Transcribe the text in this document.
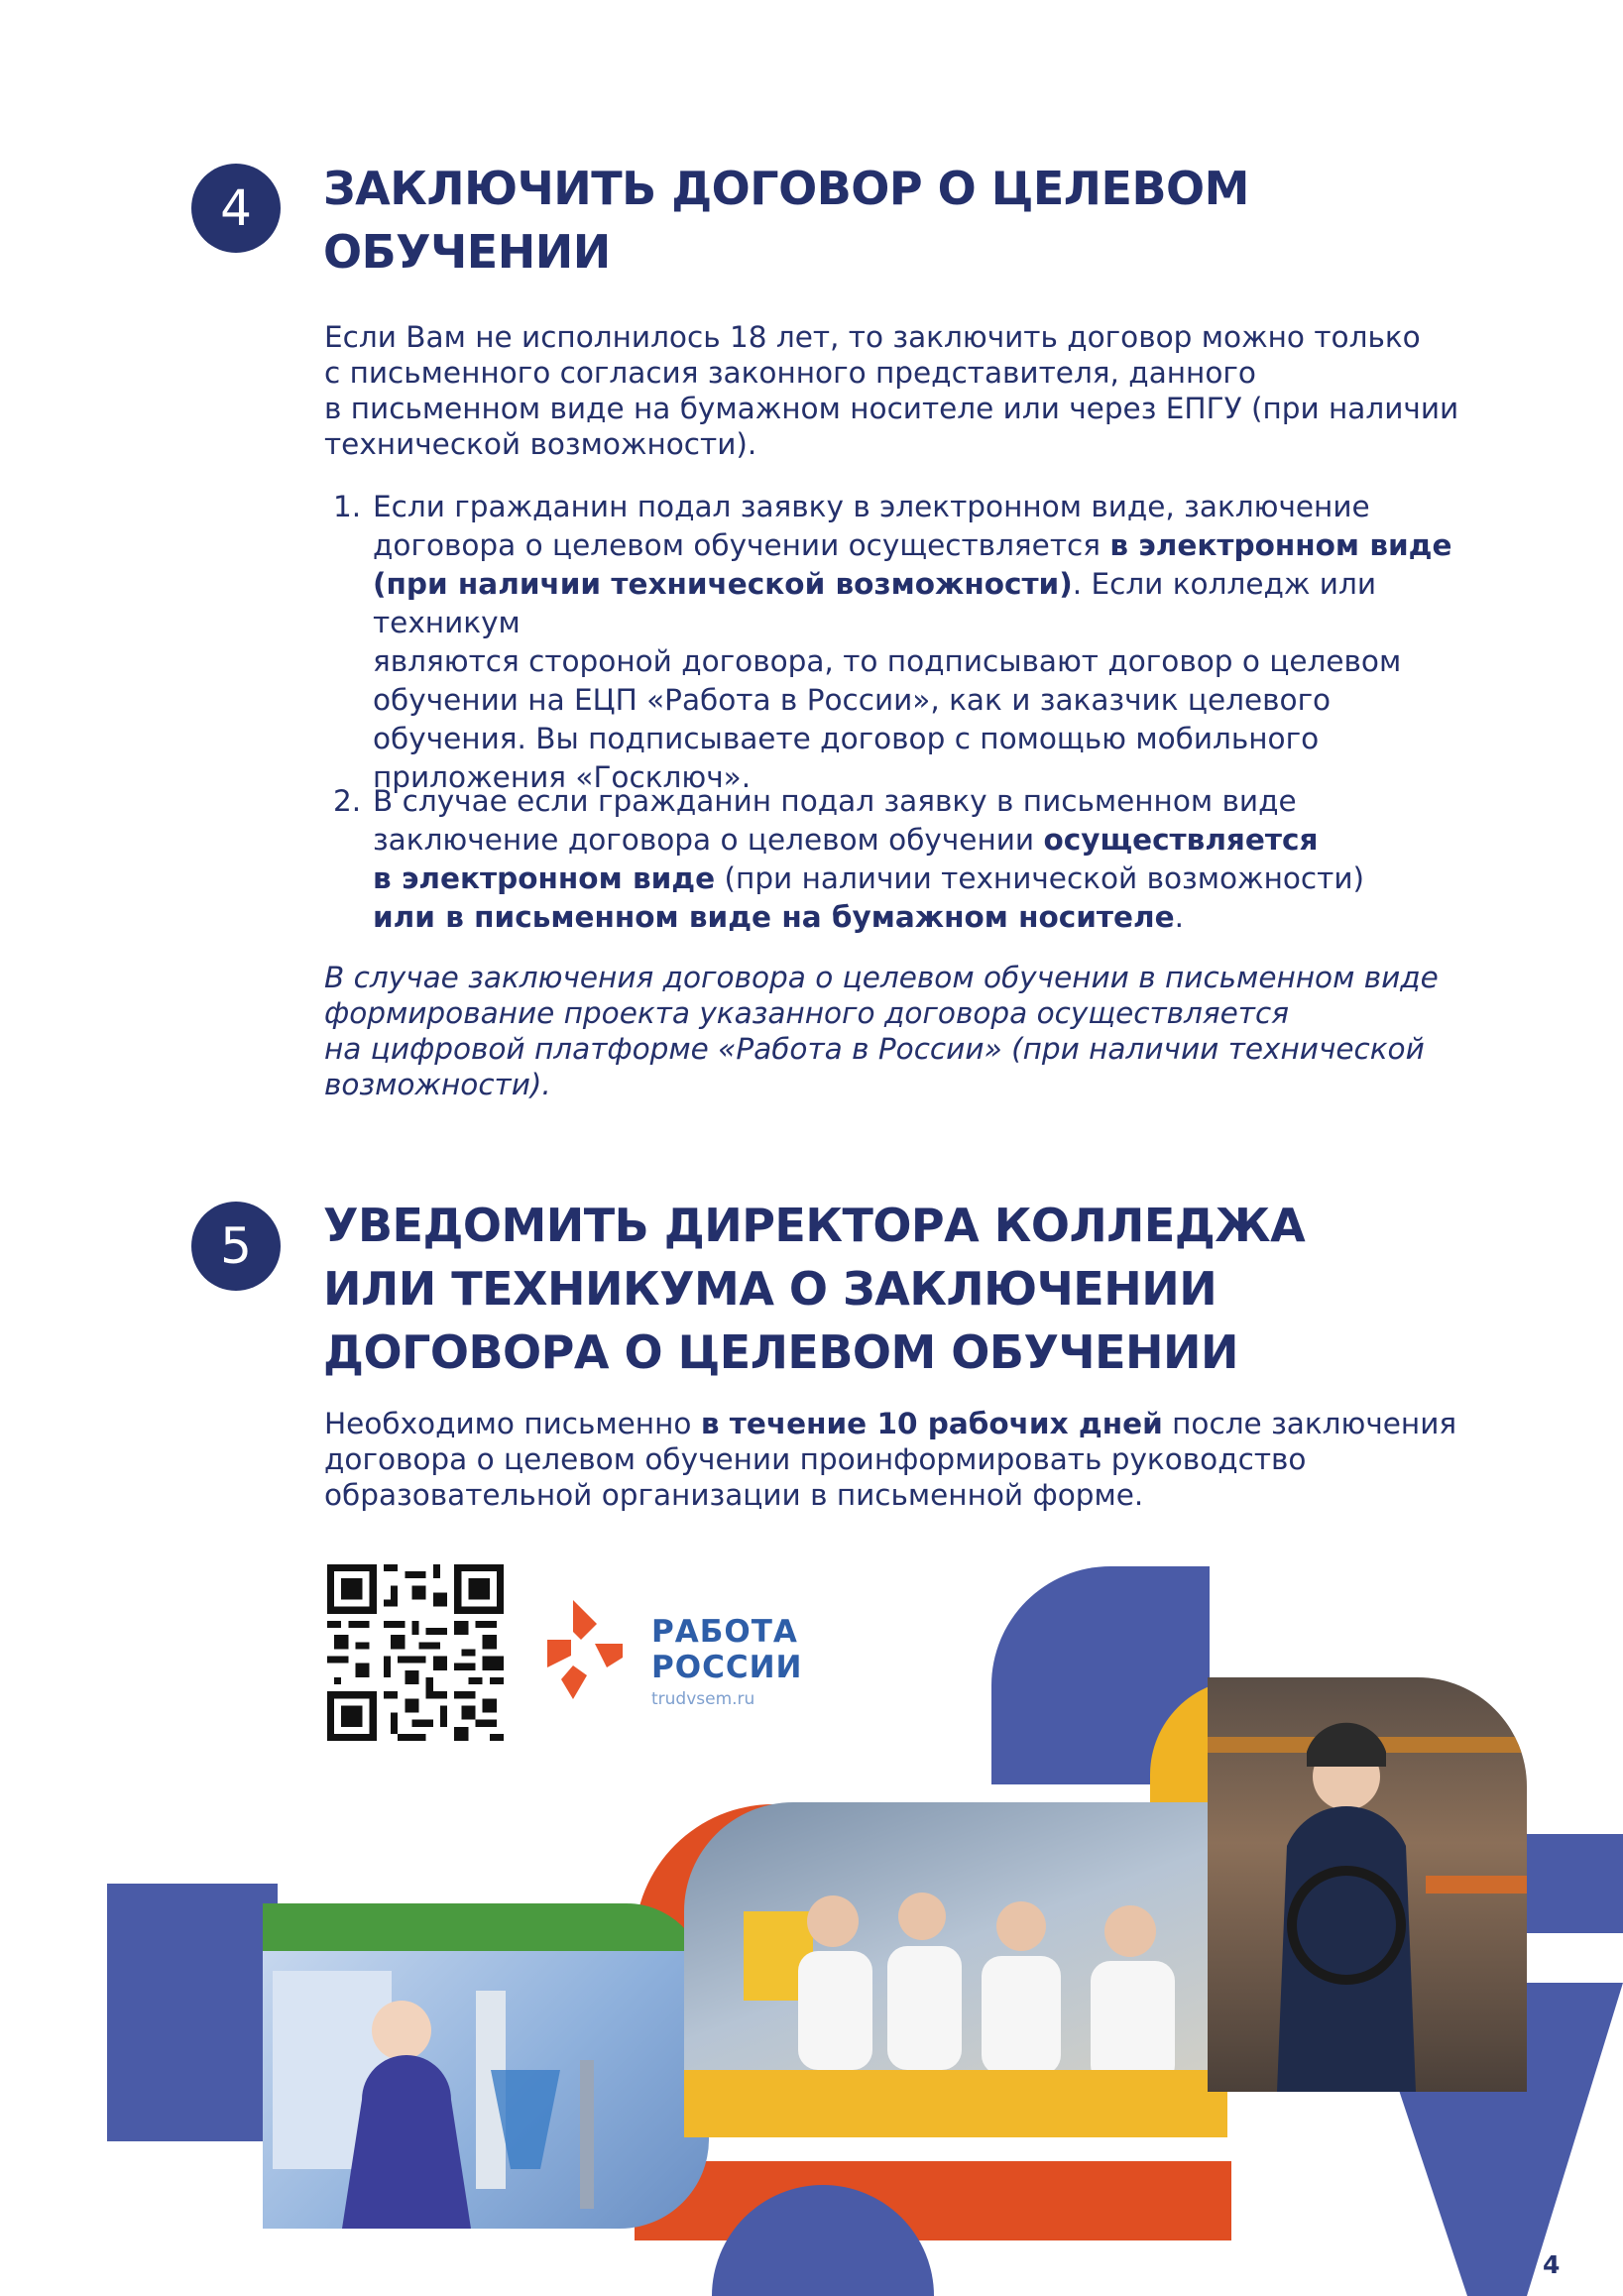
4 ЗАКЛЮЧИТЬ ДОГОВОР О ЦЕЛЕВОМ
ОБУЧЕНИИ

Если Вам не исполнилось 18 лет, то заключить договор можно только
с письменного согласия законного представителя, данного
в письменном виде на бумажном носителе или через ЕПГУ (при наличии
технической возможности).

1. Если гражданин подал заявку в электронном виде, заключение
договора о целевом обучении осуществляется в электронном виде
(при наличии технической возможности). Если колледж или техникум
являются стороной договора, то подписывают договор о целевом
обучении на ЕЦП «Работа в России», как и заказчик целевого
обучения. Вы подписываете договор с помощью мобильного
приложения «Госключ».
2. В случае если гражданин подал заявку в письменном виде
заключение договора о целевом обучении осуществляется
в электронном виде (при наличии технической возможности)
или в письменном виде на бумажном носителе.

В случае заключения договора о целевом обучении в письменном виде
формирование проекта указанного договора осуществляется
на цифровой платформе «Работа в России» (при наличии технической
возможности).

5 УВЕДОМИТЬ ДИРЕКТОРА КОЛЛЕДЖА
ИЛИ ТЕХНИКУМА О ЗАКЛЮЧЕНИИ
ДОГОВОРА О ЦЕЛЕВОМ ОБУЧЕНИИ

Необходимо письменно в течение 10 рабочих дней после заключения
договора о целевом обучении проинформировать руководство
образовательной организации в письменной форме.

РАБОТА
РОССИИ
trudvsem.ru
4
